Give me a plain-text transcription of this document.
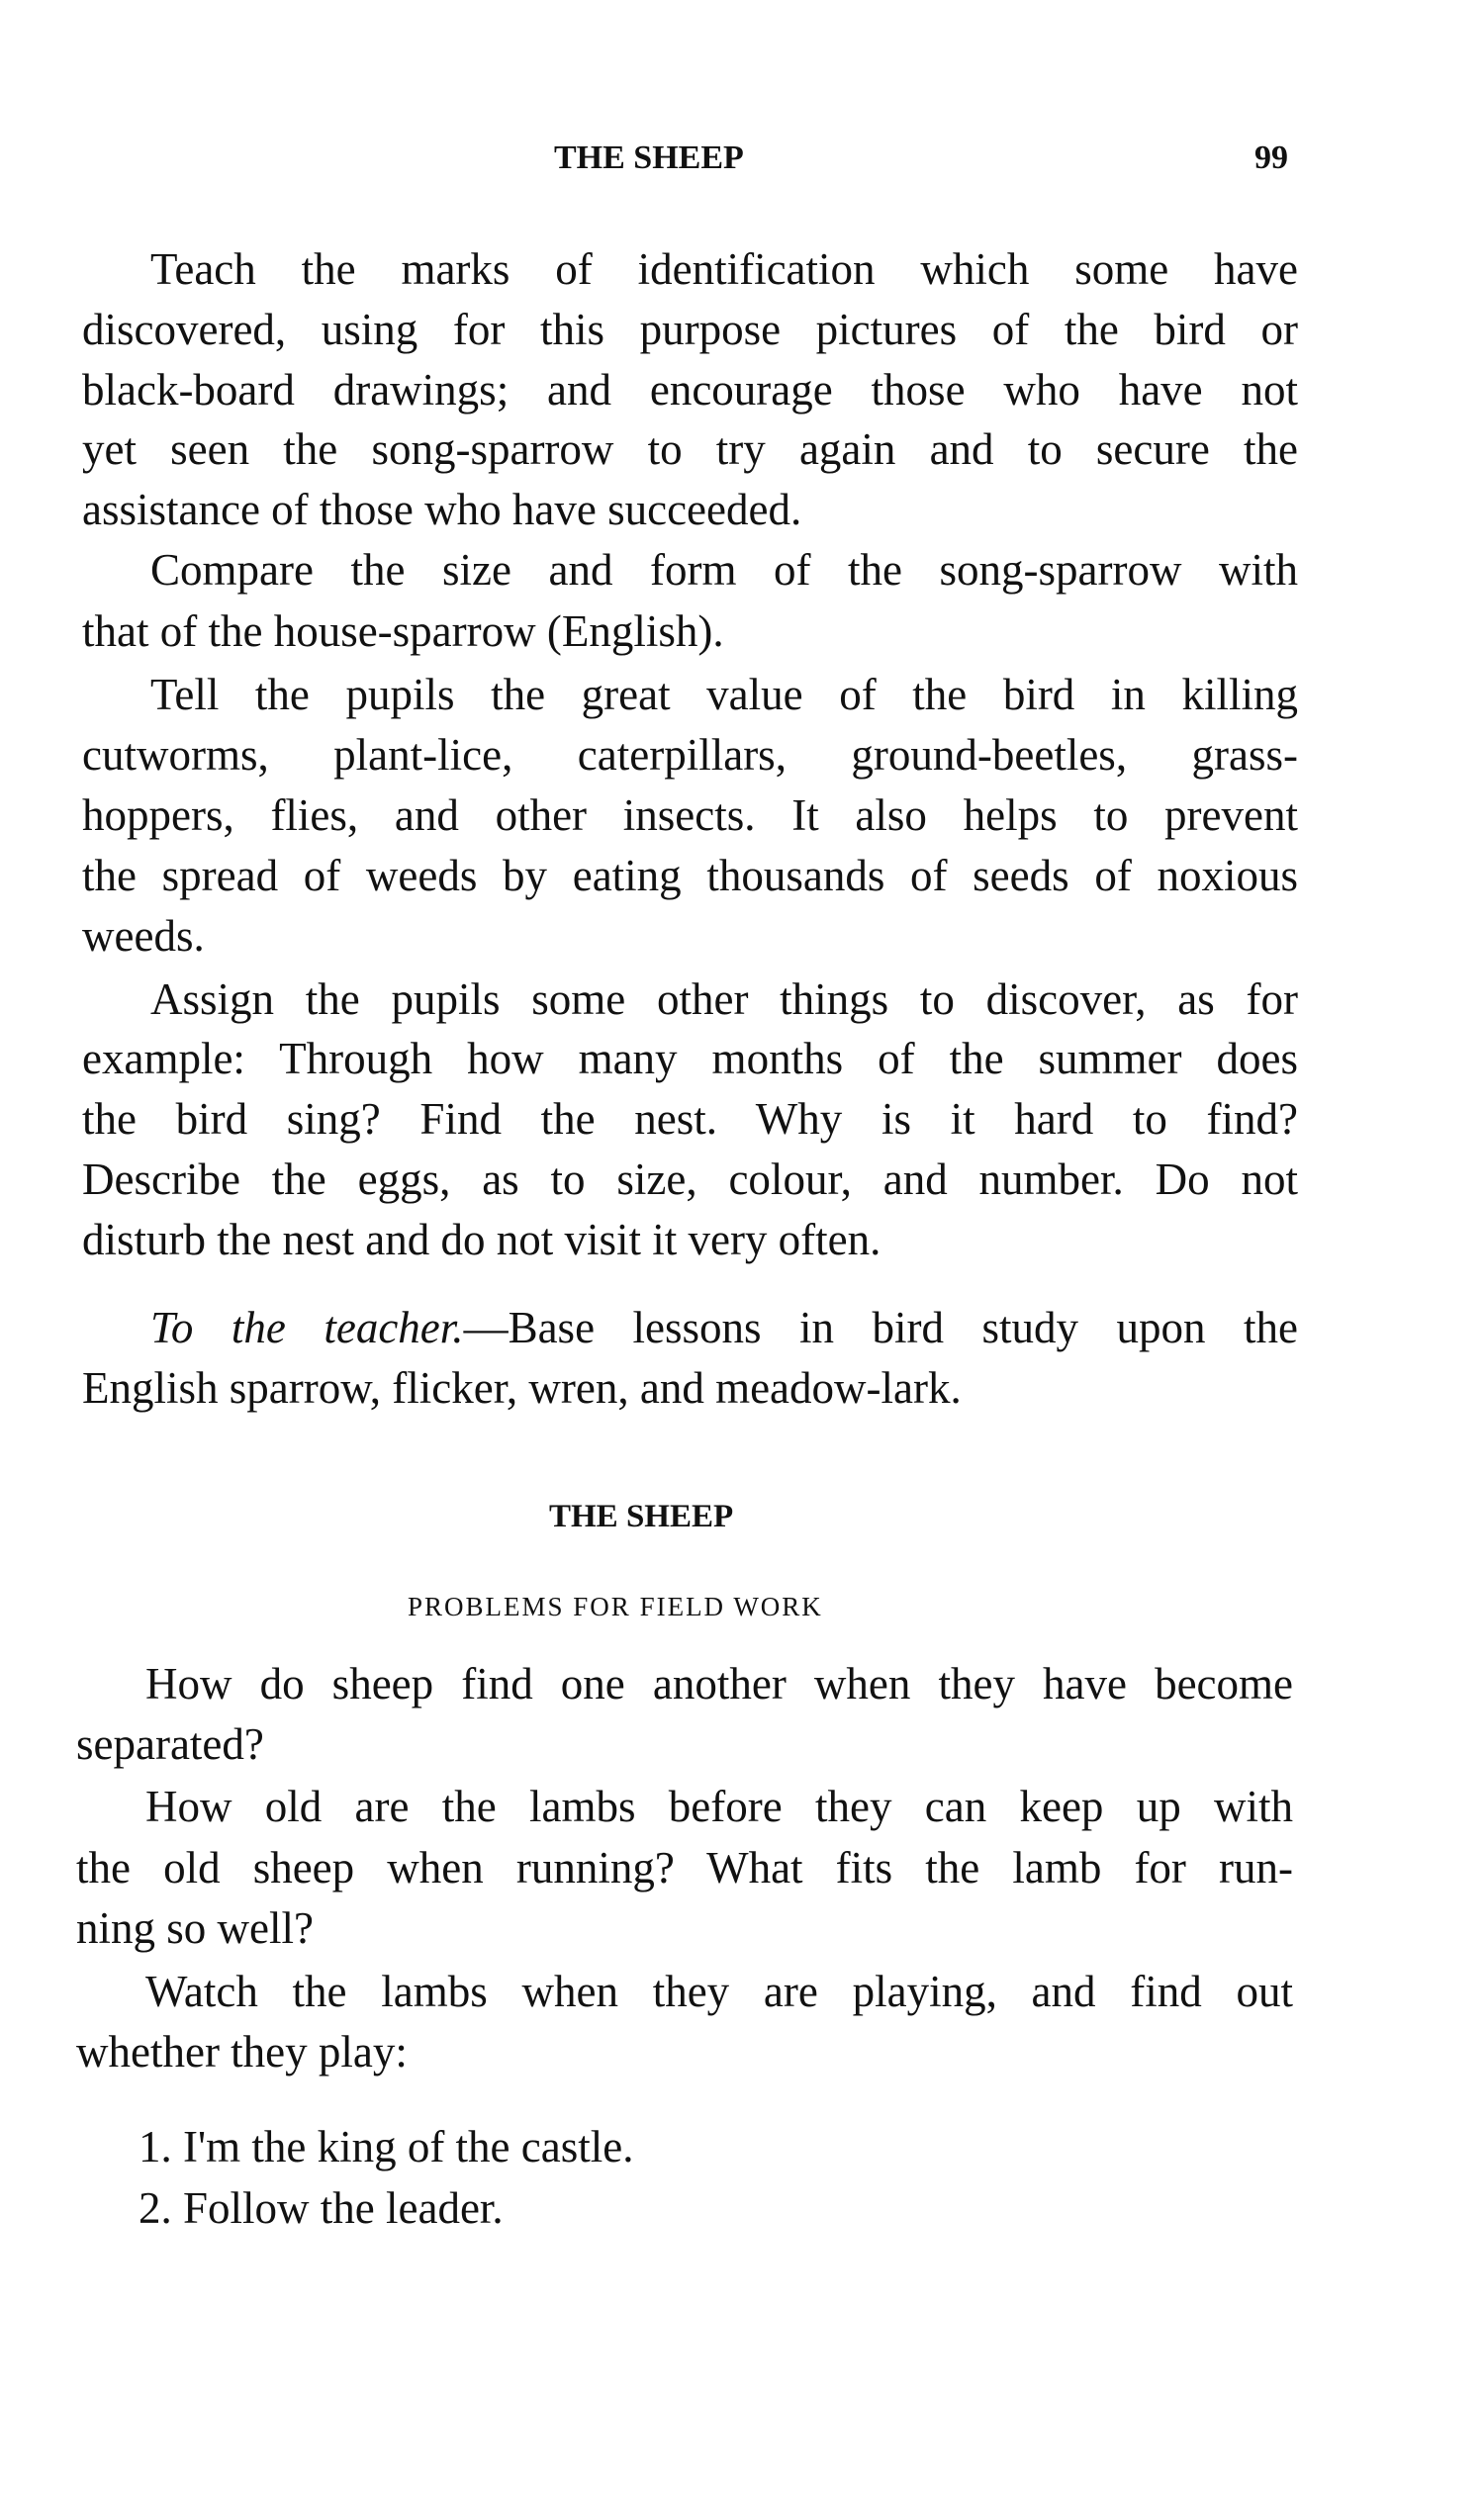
THE SHEEP	99
Teach the marks of identification which some have
discovered, using for this purpose pictures of the bird or
black-board drawings; and encourage those who have not
yet seen the song-sparrow to try again and to secure the
assistance of those who have succeeded.
Compare the size and form of the song-sparrow with
that of the house-sparrow (English).
Tell the pupils the great value of the bird in killing
cutworms, plant-lice, caterpillars, ground-beetles, grass-
hoppers, flies, and other insects. It also helps to prevent
the spread of weeds by eating thousands of seeds of noxious
weeds.
Assign the pupils some other things to discover, as for
example: Through how many months of the summer does
the bird sing? Find the nest. Why is it hard to find?
Describe the eggs, as to size, colour, and number. Do not
disturb the nest and do not visit it very often.
To the teacher.—Base lessons in bird study upon the
English sparrow, flicker, wren, and meadow-lark.
How do sheep find one another when they have become
separated?
How old are the lambs before they can keep up with
the old sheep when running? What fits the lamb for run-
ning so well?
Watch the lambs when they are playing, and find out
whether they play:
THE SHEEP
PROBLEMS FOR FIELD WORK
1. I'm the king of the castle.
2. Follow the leader.
